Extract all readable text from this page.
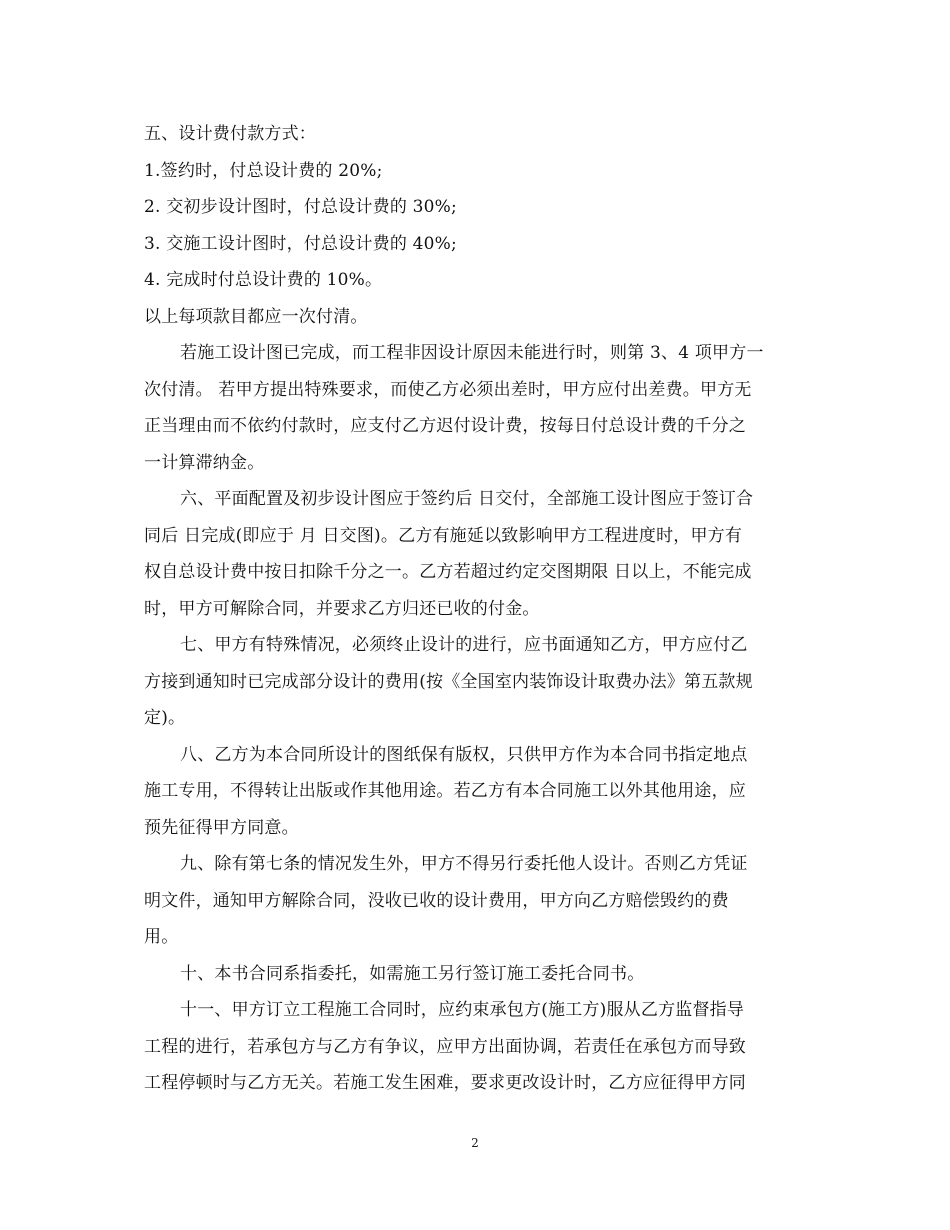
五、设计费付款方式：
1.签约时，付总设计费的 20%;
2. 交初步设计图时，付总设计费的 30%;
3. 交施工设计图时，付总设计费的 40%;
4. 完成时付总设计费的 10%。
以上每项款目都应一次付清。
若施工设计图已完成，而工程非因设计原因未能进行时，则第 3、4 项甲方一
次付清。 若甲方提出特殊要求，而使乙方必须出差时，甲方应付出差费。甲方无
正当理由而不依约付款时，应支付乙方迟付设计费，按每日付总设计费的千分之
一计算滞纳金。
六、平面配置及初步设计图应于签约后 日交付，全部施工设计图应于签订合
同后 日完成(即应于 月 日交图)。乙方有施延以致影响甲方工程进度时，甲方有
权自总设计费中按日扣除千分之一。乙方若超过约定交图期限 日以上，不能完成
时，甲方可解除合同，并要求乙方归还已收的付金。
七、甲方有特殊情况，必须终止设计的进行，应书面通知乙方，甲方应付乙
方接到通知时已完成部分设计的费用(按《全国室内装饰设计取费办法》第五款规
定)。
八、乙方为本合同所设计的图纸保有版权，只供甲方作为本合同书指定地点
施工专用，不得转让出版或作其他用途。若乙方有本合同施工以外其他用途，应
预先征得甲方同意。
九、除有第七条的情况发生外，甲方不得另行委托他人设计。否则乙方凭证
明文件，通知甲方解除合同，没收已收的设计费用，甲方向乙方赔偿毁约的费
用。
十、本书合同系指委托，如需施工另行签订施工委托合同书。
十一、甲方订立工程施工合同时，应约束承包方(施工方)服从乙方监督指导
工程的进行，若承包方与乙方有争议，应甲方出面协调，若责任在承包方而导致
工程停顿时与乙方无关。若施工发生困难，要求更改设计时，乙方应征得甲方同
2
